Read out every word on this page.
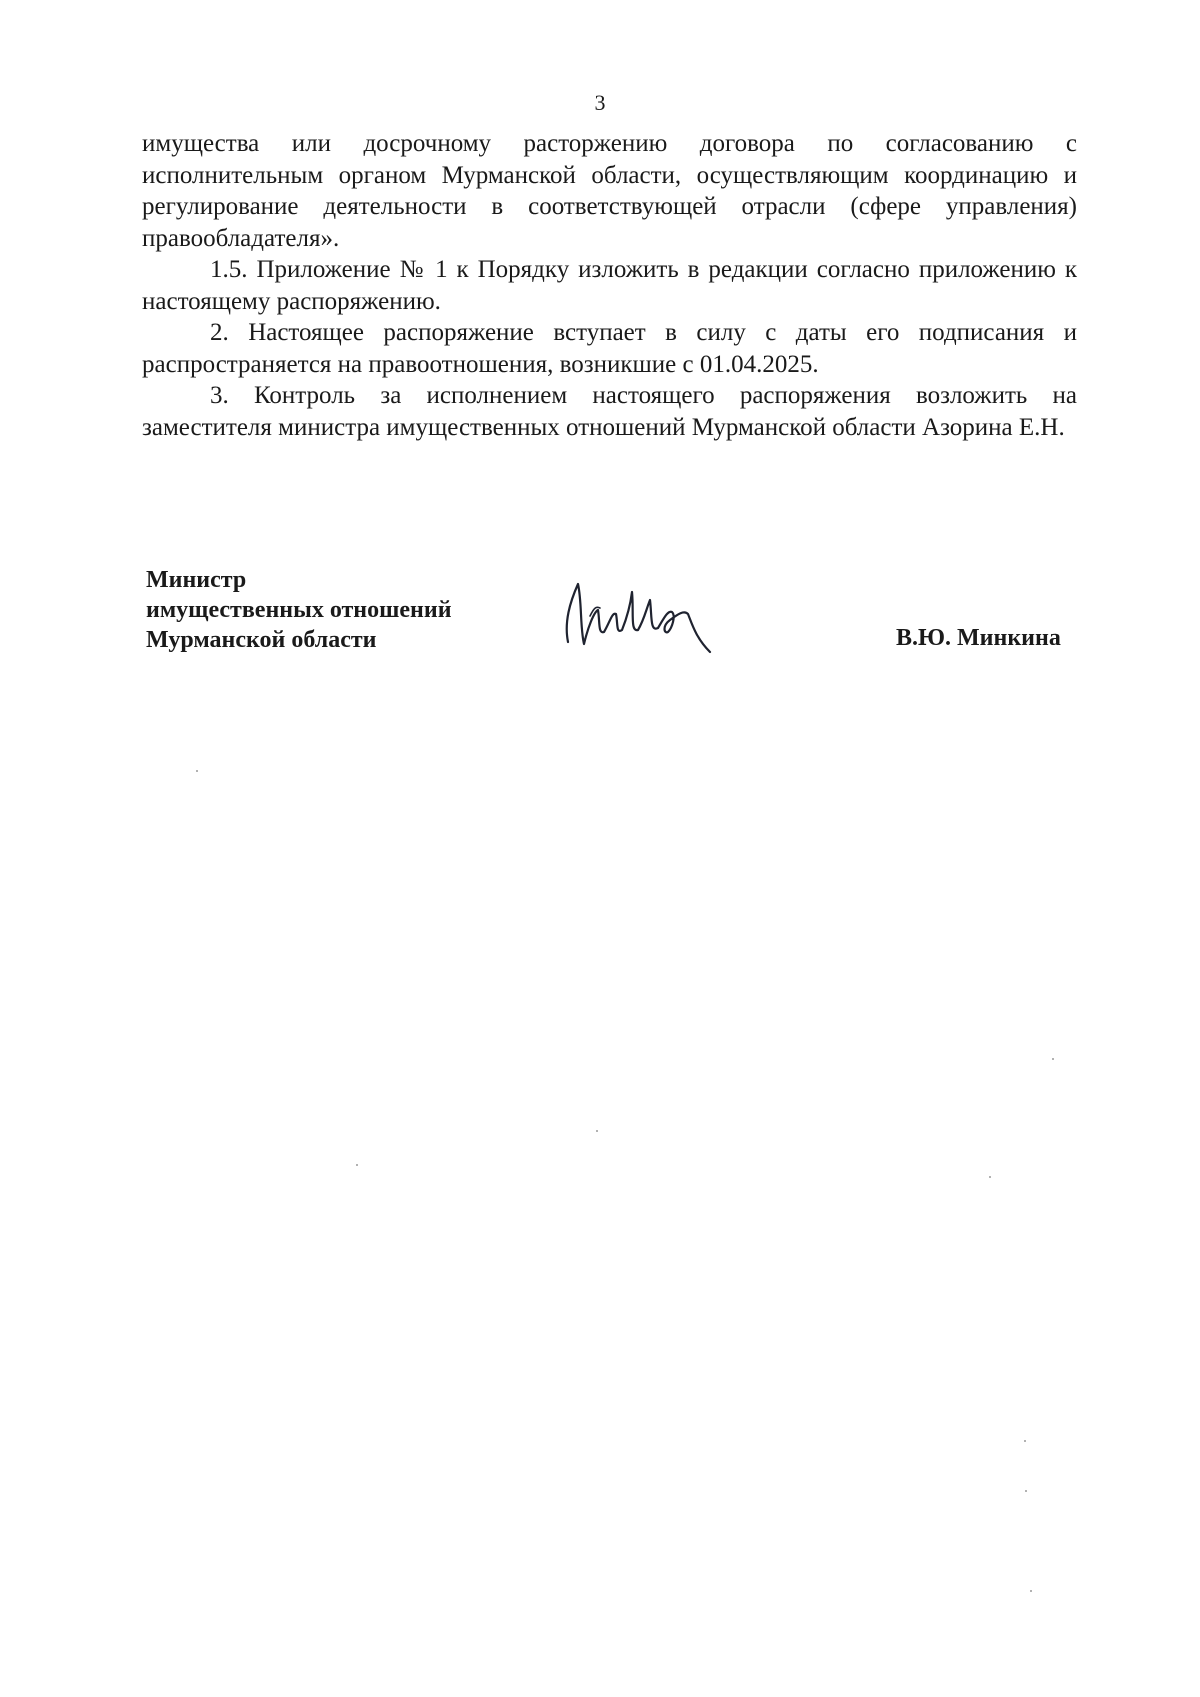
3

имущества или досрочному расторжению договора по согласованию с исполнительным органом Мурманской области, осуществляющим координацию и регулирование деятельности в соответствующей отрасли (сфере управления) правообладателя».

1.5. Приложение № 1 к Порядку изложить в редакции согласно приложению к настоящему распоряжению.

2. Настоящее распоряжение вступает в силу с даты его подписания и распространяется на правоотношения, возникшие с 01.04.2025.

3. Контроль за исполнением настоящего распоряжения возложить на заместителя министра имущественных отношений Мурманской области Азорина Е.Н.

Министр
имущественных отношений
Мурманской области	В.Ю. Минкина
